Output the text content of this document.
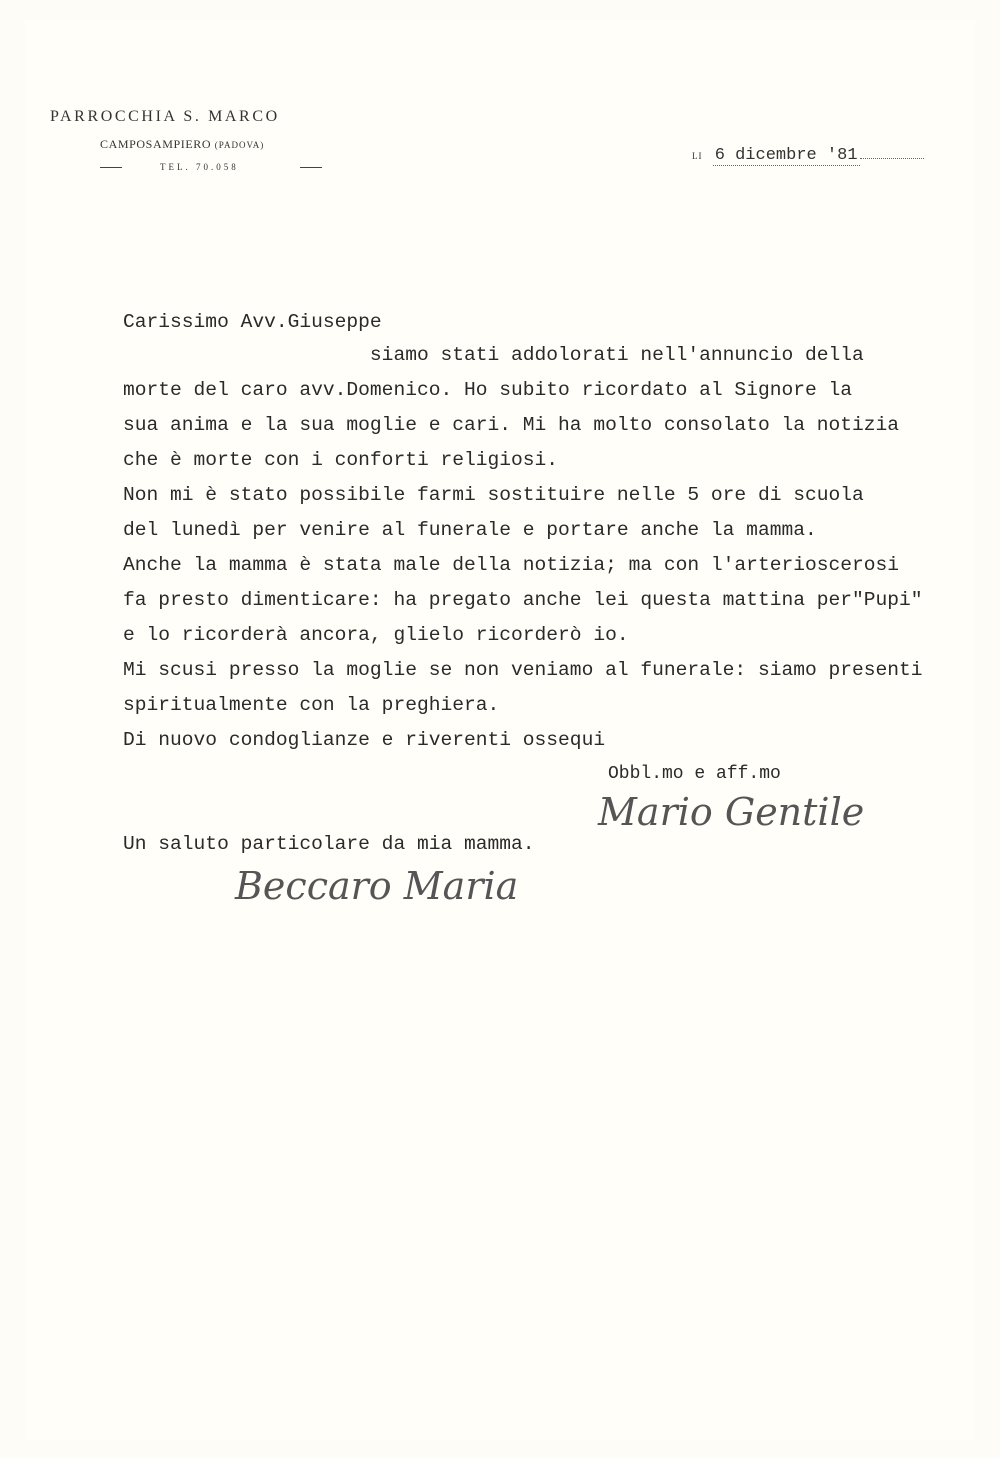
PARROCCHIA S. MARCO
CAMPOSAMPIERO (PADOVA)
TEL. 70.058
LI 6 dicembre '81
Carissimo Avv.Giuseppe
siamo stati addolorati nell'annuncio della
morte del caro avv.Domenico. Ho subito ricordato al Signore la
sua anima e la sua moglie e cari. Mi ha molto consolato la notizia
che è morte con i conforti religiosi.
Non mi è stato possibile farmi sostituire nelle 5 ore di scuola
del lunedì per venire al funerale e portare anche la mamma.
Anche la mamma è stata male della notizia; ma con l'arterioscerosi
fa presto dimenticare: ha pregato anche lei questa mattina per"Pupi"
e lo ricorderà ancora, glielo ricorderò io.
Mi scusi presso la moglie se non veniamo al funerale: siamo presenti
spiritualmente con la preghiera.
Di nuovo condoglianze e riverenti ossequi
Obbl.mo e aff.mo
Mario Gentile
Un saluto particolare da mia mamma.
Beccaro Maria
